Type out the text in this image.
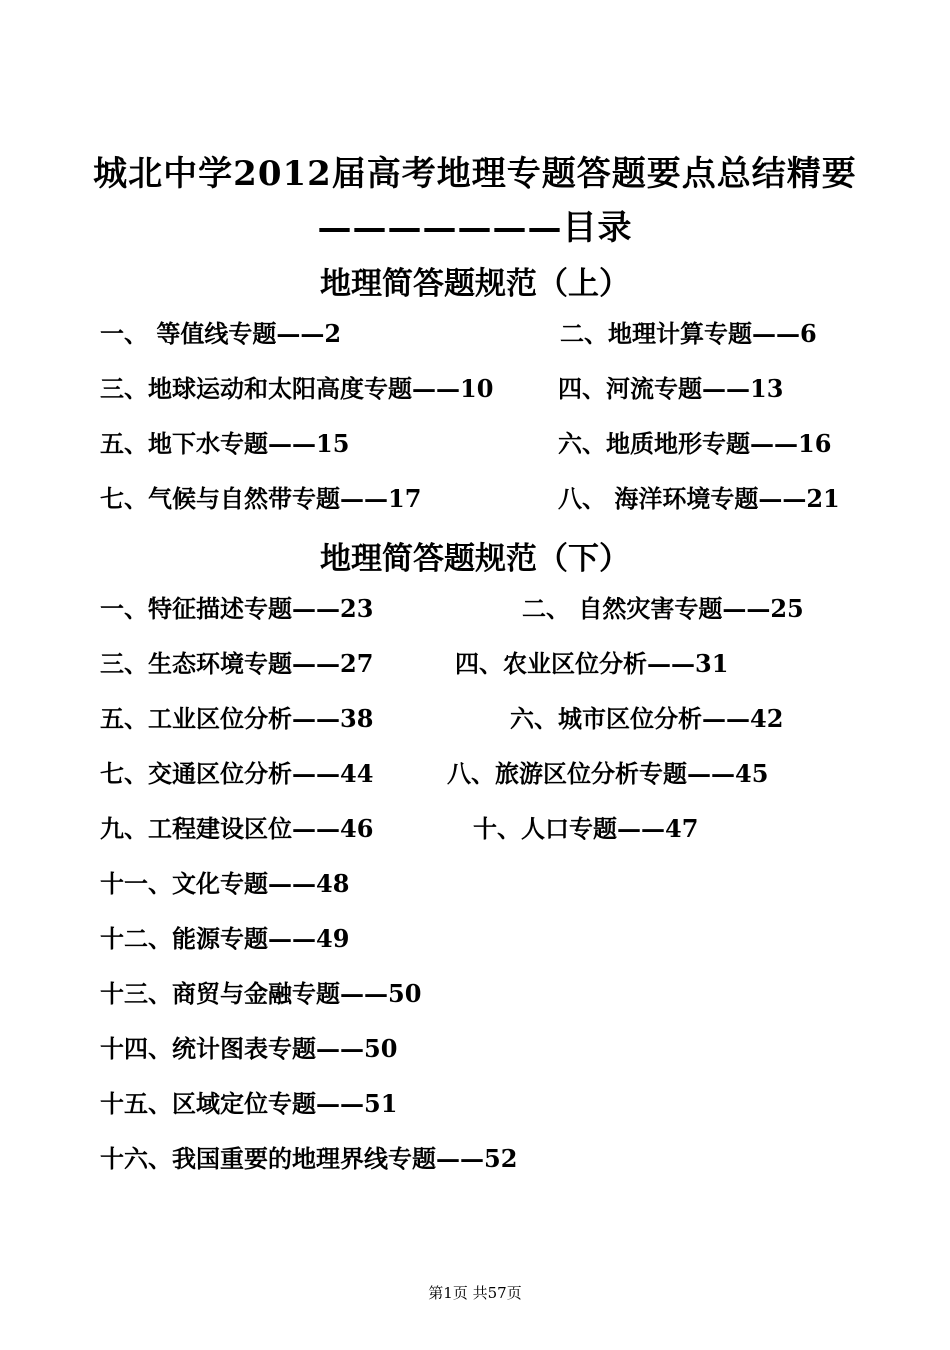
城北中学2012届高考地理专题答题要点总结精要
———————目录
地理简答题规范（上）
一、 等值线专题——2	二、地理计算专题——6
三、地球运动和太阳高度专题——10	四、河流专题——13
五、地下水专题——15	六、地质地形专题——16
七、气候与自然带专题——17	八、 海洋环境专题——21
地理简答题规范（下）
一、特征描述专题——23	二、 自然灾害专题——25
三、生态环境专题——27	四、农业区位分析——31
五、工业区位分析——38	六、城市区位分析——42
七、交通区位分析——44	八、旅游区位分析专题——45
九、工程建设区位——46	十、人口专题——47
十一、文化专题——48
十二、能源专题——49
十三、商贸与金融专题——50
十四、统计图表专题——50
十五、区域定位专题——51
十六、我国重要的地理界线专题——52
第1页 共57页
